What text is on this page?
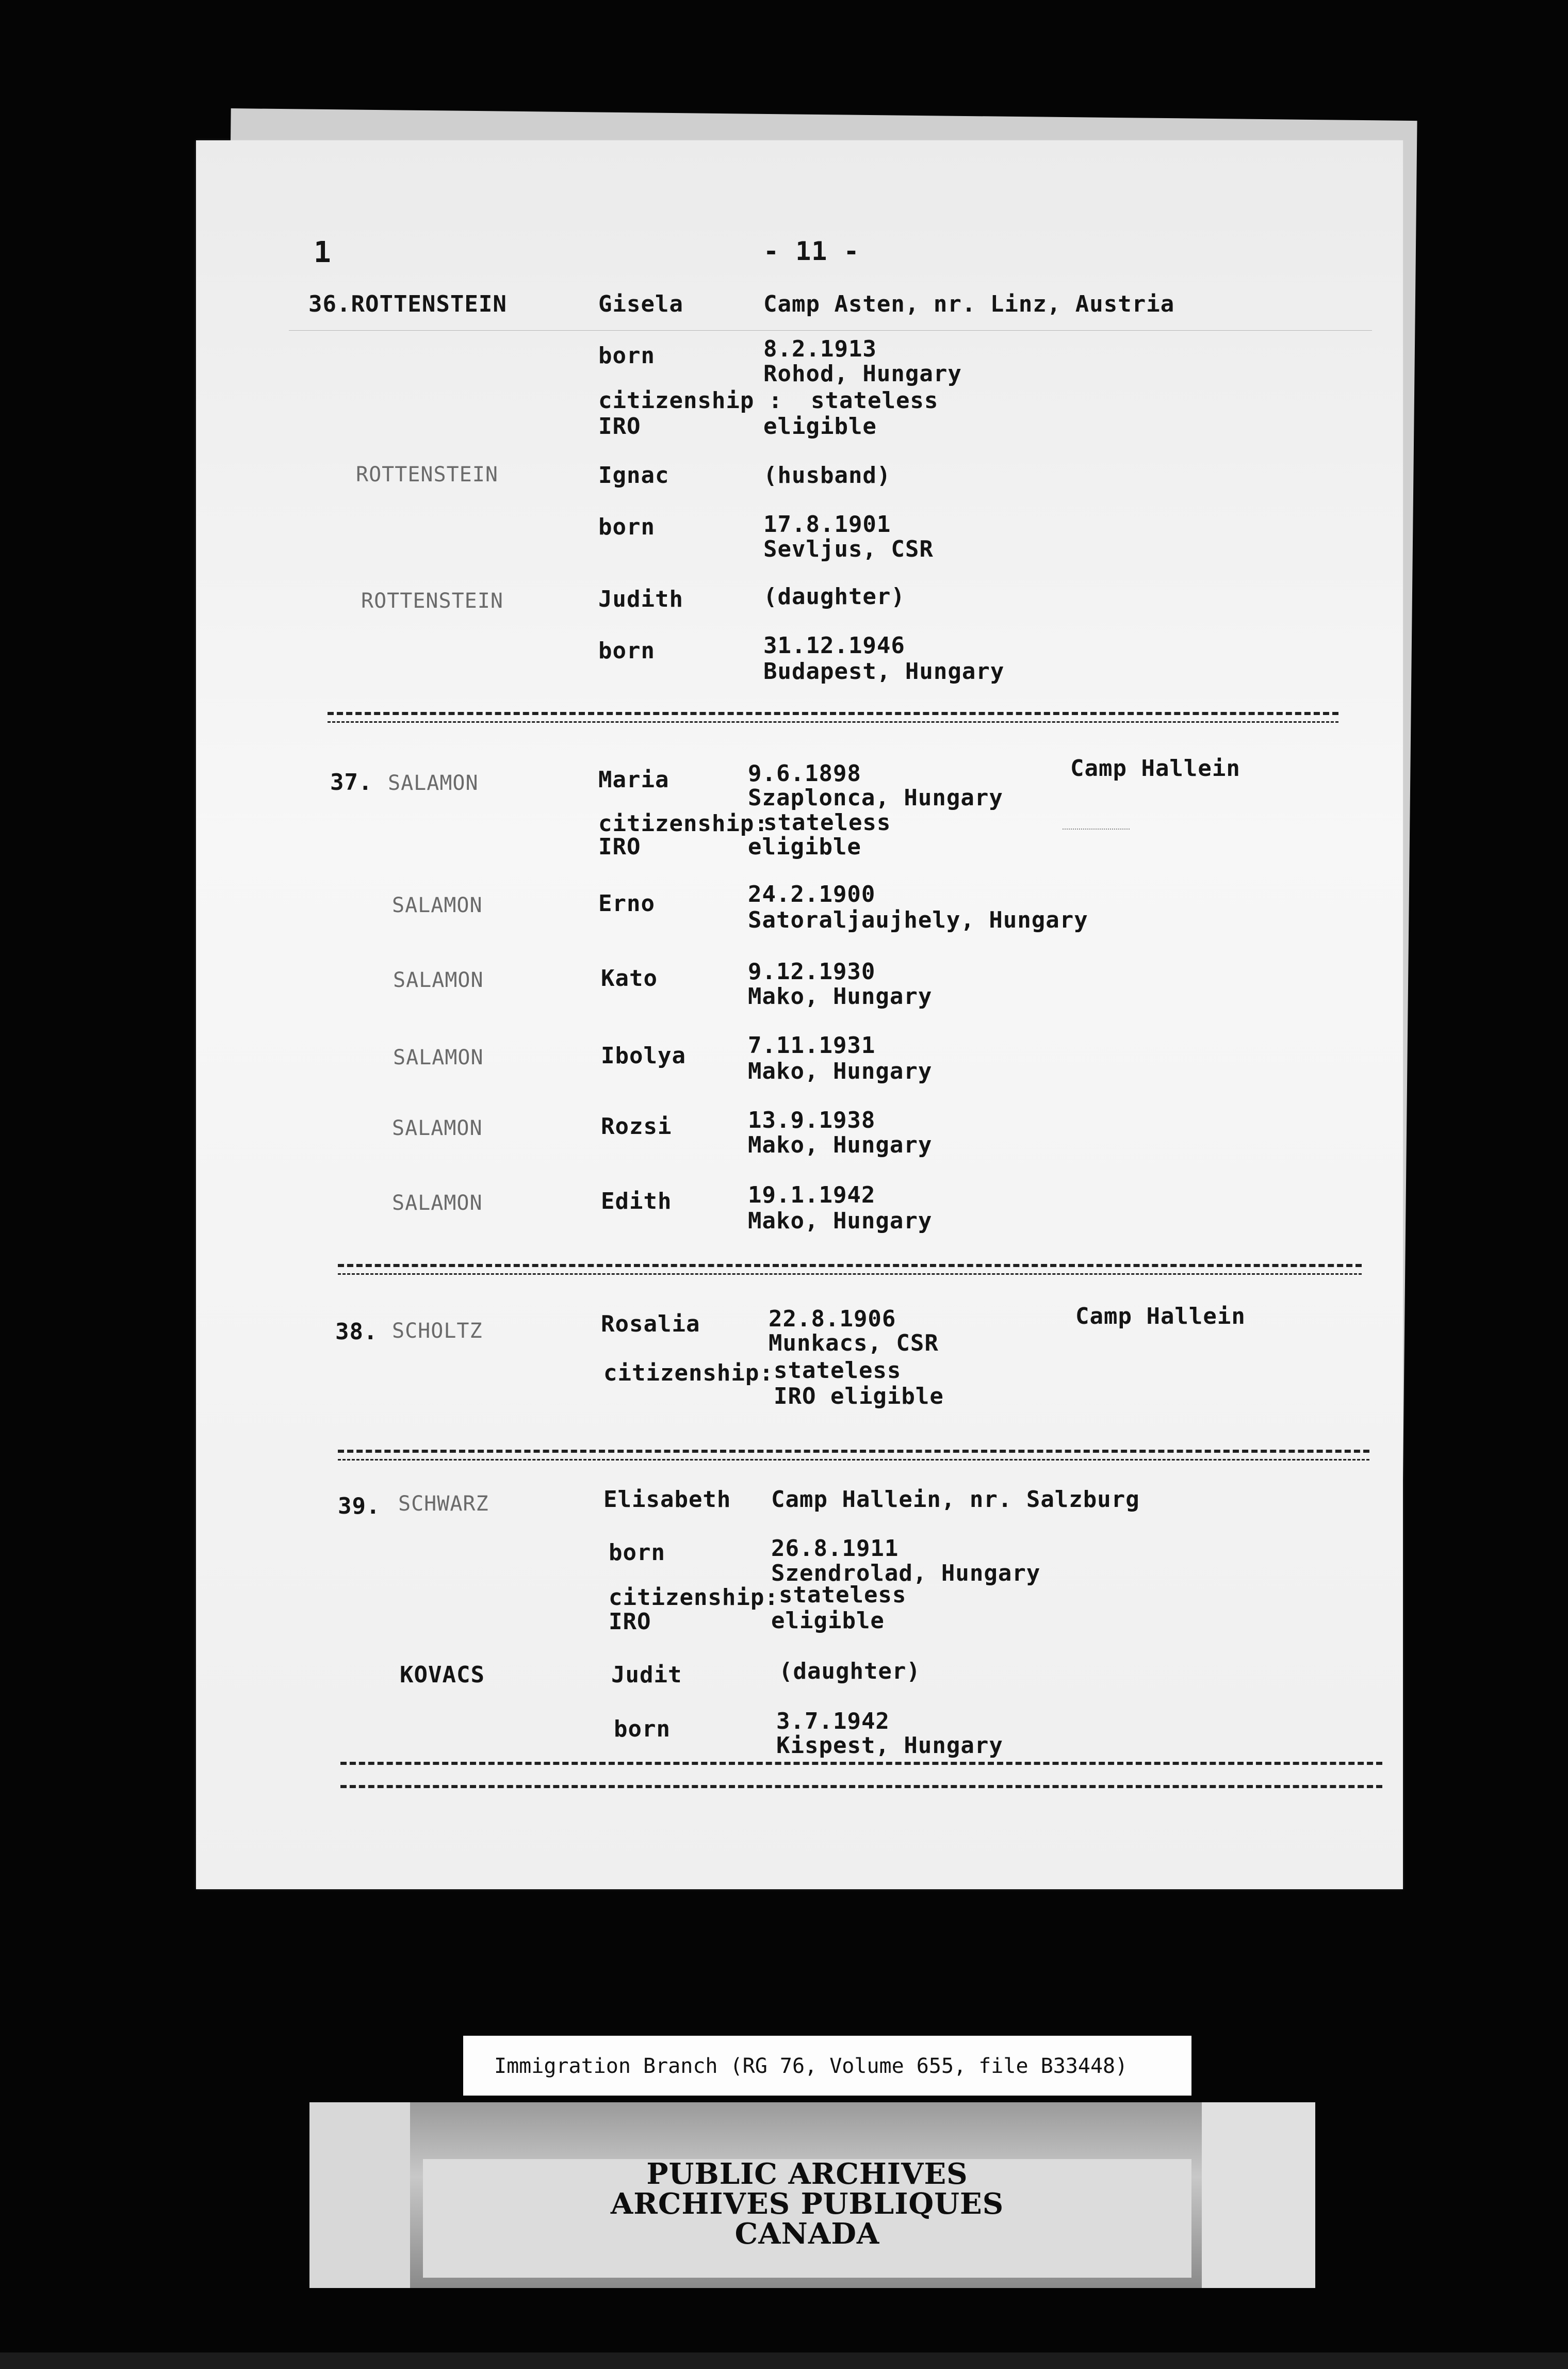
1	- 11 -
36.ROTTENSTEIN	Gisela	Camp Asten, nr. Linz, Austria
born	8.2.1913
Rohod, Hungary
citizenship : stateless
IRO	eligible
ROTTENSTEIN	Ignac	(husband)
born	17.8.1901
Sevljus, CSR
ROTTENSTEIN	Judith	(daughter)
born	31.12.1946
Budapest, Hungary
37. SALAMON	Maria	9.6.1898
Szaplonca, Hungary
Camp Hallein
citizenship:
stateless
IRO	eligible
SALAMON	Erno	24.2.1900
Satoraljaujhely, Hungary
SALAMON	Kato	9.12.1930
Mako, Hungary
SALAMON	Ibolya	7.11.1931
Mako, Hungary
SALAMON	Rozsi	13.9.1938
Mako, Hungary
SALAMON	Edith	19.1.1942
Mako, Hungary
38. SCHOLTZ	Rosalia	22.8.1906
Munkacs, CSR
Camp Hallein
citizenship: stateless
IRO eligible
39. SCHWARZ	Elisabeth Camp Hallein, nr. Salzburg
born	26.8.1911
Szendrolad, Hungary
citizenship: stateless
IRO	eligible
KOVACS	Judit	(daughter)
born	3.7.1942
Kispest, Hungary
Immigration Branch (RG 76, Volume 655, file B33448)
PUBLIC ARCHIVES
ARCHIVES PUBLIQUES
CANADA
